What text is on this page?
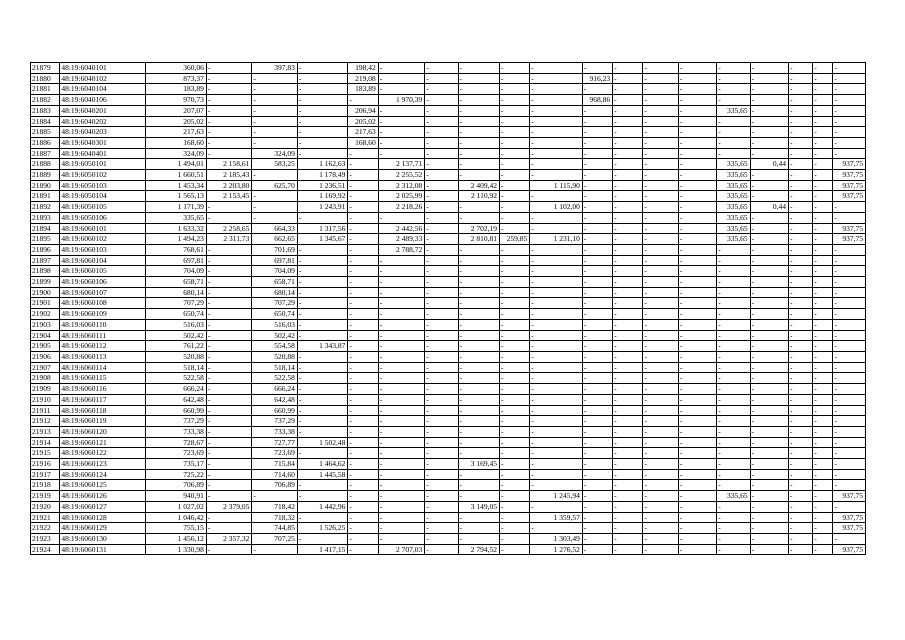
21879	48:19:6040101	360,06	-	397,83	-	198,42	-	-	-	-	-	-	-	-	-	-	-	-	-	-
21880	48:19:6040102	873,37	-	-	-	219,08	-	-	-	-	-	916,23	-	-	-	-	-	-	-	-
21881	48:19:6040104	183,89	-	-	-	183,89	-	-	-	-	-	-	-	-	-	-	-	-	-	-
21882	48:19:6040106	970,73	-	-	-	-	1 970,39	-	-	-	-	968,86	-	-	-	-	-	-	-	-
21883	48:19:6040201	207,07	-	-	-	206,94	-	-	-	-	-	-	-	-	-	335,65	-	-	-	-
21884	48:19:6040202	205,02	-	-	-	205,02	-	-	-	-	-	-	-	-	-	-	-	-	-	-
21885	48:19:6040203	217,63	-	-	-	217,63	-	-	-	-	-	-	-	-	-	-	-	-	-	-
21886	48:19:6040301	168,60	-	-	-	168,60	-	-	-	-	-	-	-	-	-	-	-	-	-	-
21887	48:19:6040401	324,09	-	324,09	-	-	-	-	-	-	-	-	-	-	-	-	-	-	-	-
21888	48:19:6050101	1 494,01	2 158,61	583,25	1 162,63	-	2 137,71	-	-	-	-	-	-	-	-	335,65	0,44	-	-	937,75
21889	48:19:6050102	1 660,51	2 185,43	-	1 178,49	-	2 255,52	-	-	-	-	-	-	-	-	335,65	-	-	-	937,75
21890	48:19:6050103	1 453,34	2 203,80	625,70	1 236,51	-	2 312,08	-	2 409,42	-	1 115,90	-	-	-	-	335,65	-	-	-	937,75
21891	48:19:6050104	1 565,13	2 153,45	-	1 169,92	-	2 025,99	-	2 110,92	-	-	-	-	-	-	335,65	-	-	-	937,75
21892	48:19:6050105	1 171,39	-	-	1 243,91	-	2 218,26	-	-	-	1 102,00	-	-	-	-	335,65	0,44	-	-	-
21893	48:19:6050106	335,65	-	-	-	-	-	-	-	-	-	-	-	-	-	335,65	-	-	-	-
21894	48:19:6060101	1 633,32	2 258,65	664,33	1 317,56	-	2 442,56	-	2 702,19	-	-	-	-	-	-	335,65	-	-	-	937,75
21895	48:19:6060102	1 494,23	2 311,73	662,65	1 345,67	-	2 489,33	-	2 810,81	259,85	1 231,10	-	-	-	-	335,65	-	-	-	937,75
21896	48:19:6060103	768,61	-	701,69	-	-	2 788,72	-	-	-	-	-	-	-	-	-	-	-	-	-
21897	48:19:6060104	697,81	-	697,81	-	-	-	-	-	-	-	-	-	-	-	-	-	-	-	-
21898	48:19:6060105	704,09	-	704,09	-	-	-	-	-	-	-	-	-	-	-	-	-	-	-	-
21899	48:19:6060106	658,71	-	658,71	-	-	-	-	-	-	-	-	-	-	-	-	-	-	-	-
21900	48:19:6060107	680,14	-	680,14	-	-	-	-	-	-	-	-	-	-	-	-	-	-	-	-
21901	48:19:6060108	707,29	-	707,29	-	-	-	-	-	-	-	-	-	-	-	-	-	-	-	-
21902	48:19:6060109	650,74	-	650,74	-	-	-	-	-	-	-	-	-	-	-	-	-	-	-	-
21903	48:19:6060110	516,03	-	516,03	-	-	-	-	-	-	-	-	-	-	-	-	-	-	-	-
21904	48:19:6060111	502,42	-	502,42	-	-	-	-	-	-	-	-	-	-	-	-	-	-	-	-
21905	48:19:6060112	761,22	-	554,58	1 343,87	-	-	-	-	-	-	-	-	-	-	-	-	-	-	-
21906	48:19:6060113	520,88	-	520,88	-	-	-	-	-	-	-	-	-	-	-	-	-	-	-	-
21907	48:19:6060114	518,14	-	518,14	-	-	-	-	-	-	-	-	-	-	-	-	-	-	-	-
21908	48:19:6060115	522,58	-	522,58	-	-	-	-	-	-	-	-	-	-	-	-	-	-	-	-
21909	48:19:6060116	666,24	-	666,24	-	-	-	-	-	-	-	-	-	-	-	-	-	-	-	-
21910	48:19:6060117	642,48	-	642,48	-	-	-	-	-	-	-	-	-	-	-	-	-	-	-	-
21911	48:19:6060118	660,99	-	660,99	-	-	-	-	-	-	-	-	-	-	-	-	-	-	-	-
21912	48:19:6060119	737,29	-	737,29	-	-	-	-	-	-	-	-	-	-	-	-	-	-	-	-
21913	48:19:6060120	733,38	-	733,38	-	-	-	-	-	-	-	-	-	-	-	-	-	-	-	-
21914	48:19:6060121	728,67	-	727,77	1 502,48	-	-	-	-	-	-	-	-	-	-	-	-	-	-	-
21915	48:19:6060122	723,69	-	723,69	-	-	-	-	-	-	-	-	-	-	-	-	-	-	-	-
21916	48:19:6060123	735,17	-	715,84	1 464,62	-	-	-	3 169,45	-	-	-	-	-	-	-	-	-	-	-
21917	48:19:6060124	725,22	-	714,60	1 445,58	-	-	-	-	-	-	-	-	-	-	-	-	-	-	-
21918	48:19:6060125	706,89	-	706,89	-	-	-	-	-	-	-	-	-	-	-	-	-	-	-	-
21919	48:19:6060126	940,91	-	-	-	-	-	-	-	-	1 245,94	-	-	-	-	335,65	-	-	-	937,75
21920	48:19:6060127	1 027,02	2 379,05	718,42	1 442,96	-	-	-	3 149,05	-	-	-	-	-	-	-	-	-	-	-
21921	48:19:6060128	1 046,42	-	718,32	-	-	-	-	-	-	1 359,57	-	-	-	-	-	-	-	-	937,75
21922	48:19:6060129	755,15	-	744,85	1 526,25	-	-	-	-	-	-	-	-	-	-	-	-	-	-	937,75
21923	48:19:6060130	1 456,12	2 357,32	707,25	-	-	-	-	-	-	1 303,49	-	-	-	-	-	-	-	-	-
21924	48:19:6060131	1 330,98	-	-	1 417,15	-	2 707,03	-	2 794,52	-	1 276,52	-	-	-	-	-	-	-	-	937,75
